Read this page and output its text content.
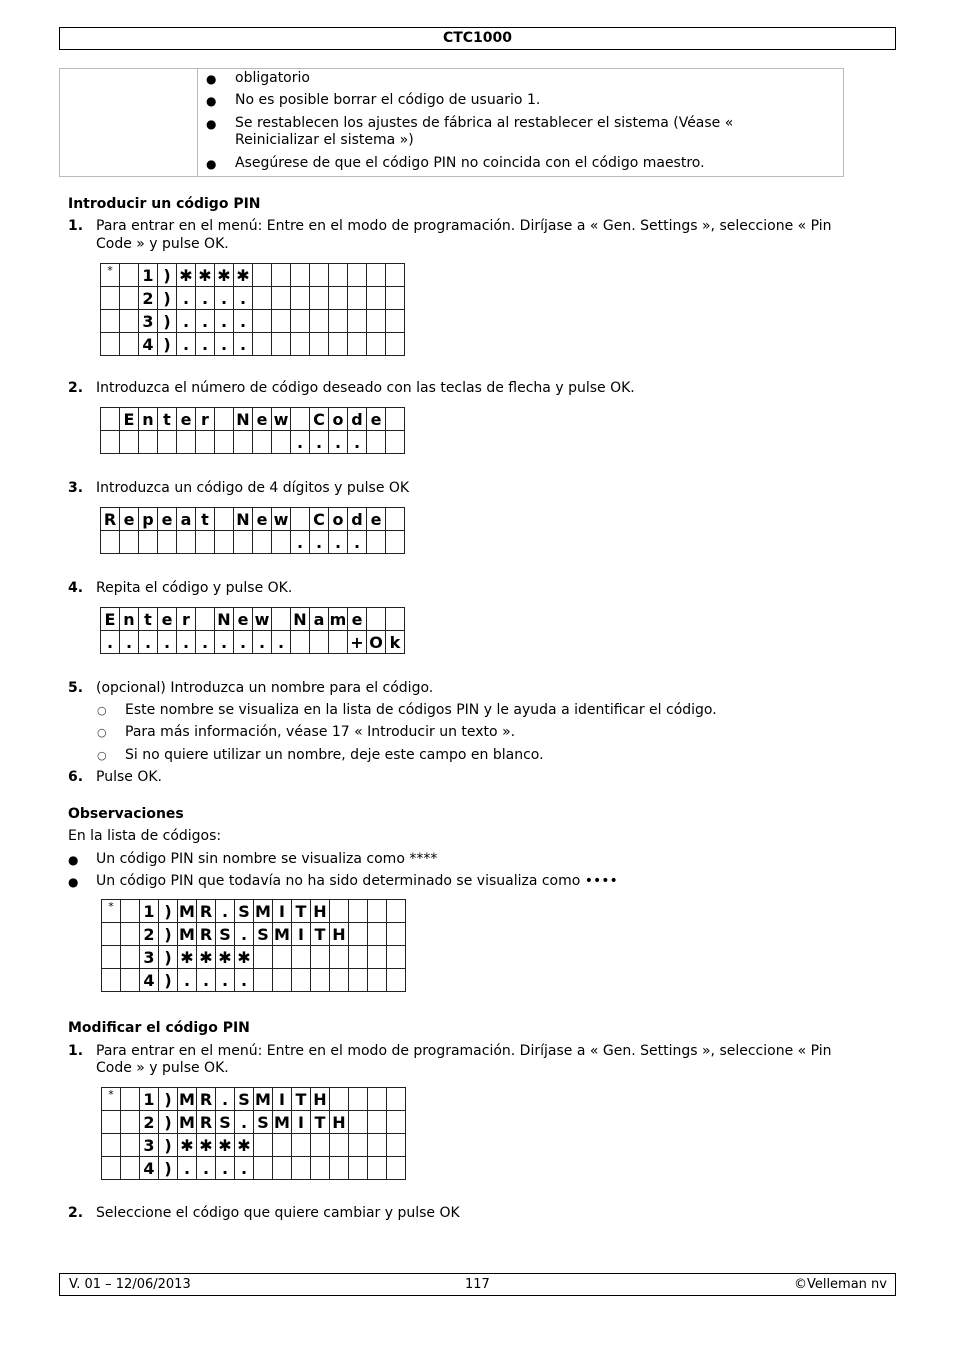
CTC1000
● obligatorio
● No es posible borrar el código de usuario 1.
● Se restablecen los ajustes de fábrica al restablecer el sistema (Véase «
Reinicializar el sistema »)
● Asegúrese de que el código PIN no coincida con el código maestro.
Introducir un código PIN
1. Para entrar en el menú: Entre en el modo de programación. Diríjase a « Gen. Settings », seleccione « Pin
Code » y pulse OK.
*		1	)	✱	✱	✱	✱								
		2	)	.	.	.	.								
		3	)	.	.	.	.								
		4	)	.	.	.	.								
2. Introduzca el número de código deseado con las teclas de flecha y pulse OK.
	E	n	t	e	r		N	e	w		C	o	d	e	
										.	.	.	.		
3. Introduzca un código de 4 dígitos y pulse OK
R	e	p	e	a	t		N	e	w		C	o	d	e	
										.	.	.	.		
4. Repita el código y pulse OK.
E	n	t	e	r		N	e	w		N	a	m	e		
.	.	.	.	.	.	.	.	.	.				+	O	k
5. (opcional) Introduzca un nombre para el código.
○ Este nombre se visualiza en la lista de códigos PIN y le ayuda a identificar el código.
○ Para más información, véase 17 « Introducir un texto ».
○ Si no quiere utilizar un nombre, deje este campo en blanco.
6. Pulse OK.
Observaciones
En la lista de códigos:
● Un código PIN sin nombre se visualiza como ****
● Un código PIN que todavía no ha sido determinado se visualiza como ••••
*		1	)	M	R	.	S	M	I	T	H				
		2	)	M	R	S	.	S	M	I	T	H			
		3	)	✱	✱	✱	✱								
		4	)	.	.	.	.								
Modificar el código PIN
1. Para entrar en el menú: Entre en el modo de programación. Diríjase a « Gen. Settings », seleccione « Pin
Code » y pulse OK.
*		1	)	M	R	.	S	M	I	T	H				
		2	)	M	R	S	.	S	M	I	T	H			
		3	)	✱	✱	✱	✱								
		4	)	.	.	.	.								
2. Seleccione el código que quiere cambiar y pulse OK
V. 01 – 12/06/2013	117	©Velleman nv
